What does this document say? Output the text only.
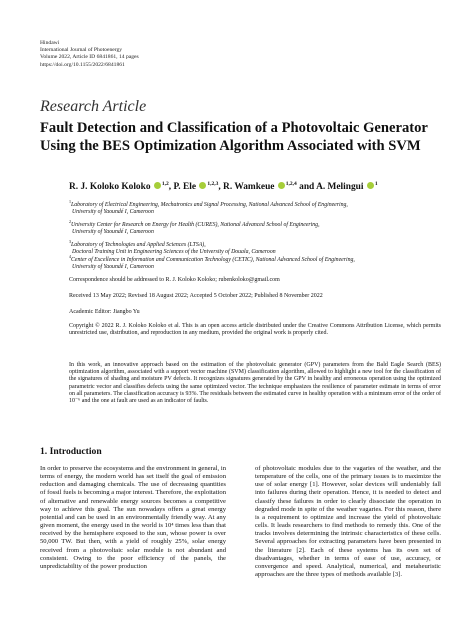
Hindawi
International Journal of Photoenergy
Volume 2022, Article ID 6841861, 14 pages
https://doi.org/10.1155/2022/6841861
Research Article
Fault Detection and Classification of a Photovoltaic Generator Using the BES Optimization Algorithm Associated with SVM
R. J. Koloko Koloko $^{1,2}$, P. Ele $^{1,2,3}$, R. Wamkeue $^{1,2,4}$ and A. Melingui $^1$
$^1$Laboratory of Electrical Engineering, Mechatronics and Signal Processing, National Advanced School of Engineering,
University of Yaoundé I, Cameroon
$^2$University Center for Research on Energy for Health (CURES), National Advanced School of Engineering,
University of Yaoundé I, Cameroon
$^3$Laboratory of Technologies and Applied Sciences (LTSA),
Doctoral Training Unit in Engineering Sciences of the University of Douala, Cameroon
$^4$Center of Excellence in Information and Communication Technology (CETIC), National Advanced School of Engineering,
University of Yaoundé I, Cameroon
Correspondence should be addressed to R. J. Koloko Koloko; rubenkoloko@gmail.com
Received 13 May 2022; Revised 18 August 2022; Accepted 5 October 2022; Published 8 November 2022
Academic Editor: Jiangbo Yu
Copyright © 2022 R. J. Koloko Koloko et al. This is an open access article distributed under the Creative Commons Attribution License, which permits unrestricted use, distribution, and reproduction in any medium, provided the original work is properly cited.
In this work, an innovative approach based on the estimation of the photovoltaic generator (GPV) parameters from the Bald Eagle Search (BES) optimization algorithm, associated with a support vector machine (SVM) classification algorithm, allowed to highlight a new tool for the classification of the signatures of shading and moisture PV defects. It recognizes signatures generated by the GPV in healthy and erroneous operation using the optimized parametric vector and classifies defects using the same optimized vector. The technique emphasizes the resilience of parameter estimate in terms of error on all parameters. The classification accuracy is 93%. The residuals between the estimated curve in healthy operation with a minimum error of the order of 10⁻⁶ and the one at fault are used as an indicator of faults.
1. Introduction
In order to preserve the ecosystems and the environment in general, in terms of energy, the modern world has set itself the goal of emission reduction and damaging chemicals. The use of decreasing quantities of fossil fuels is becoming a major interest. Therefore, the exploitation of alternative and renewable energy sources becomes a competitive way to achieve this goal. The sun nowadays offers a great energy potential and can be used in an environmentally friendly way. At any given moment, the energy used in the world is 10⁴ times less than that received by the hemisphere exposed to the sun, whose power is over 50,000 TW. But then, with a yield of roughly 25%, solar energy received from a photovoltaic solar module is not abundant and consistent. Owing to the poor efficiency of the panels, the unpredictability of the power production
of photovoltaic modules due to the vagaries of the weather, and the temperature of the cells, one of the primary issues is to maximize the use of solar energy [1]. However, solar devices will undeniably fall into failures during their operation. Hence, it is needed to detect and classify these failures in order to clearly dissociate the operation in degraded mode in spite of the weather vagaries. For this reason, there is a requirement to optimize and increase the yield of photovoltaic cells. It leads researchers to find methods to remedy this. One of the tracks involves determining the intrinsic characteristics of these cells. Several approaches for extracting parameters have been presented in the literature [2]. Each of these systems has its own set of disadvantages, whether in terms of ease of use, accuracy, or convergence and speed. Analytical, numerical, and metaheuristic approaches are the three types of methods available [3].
